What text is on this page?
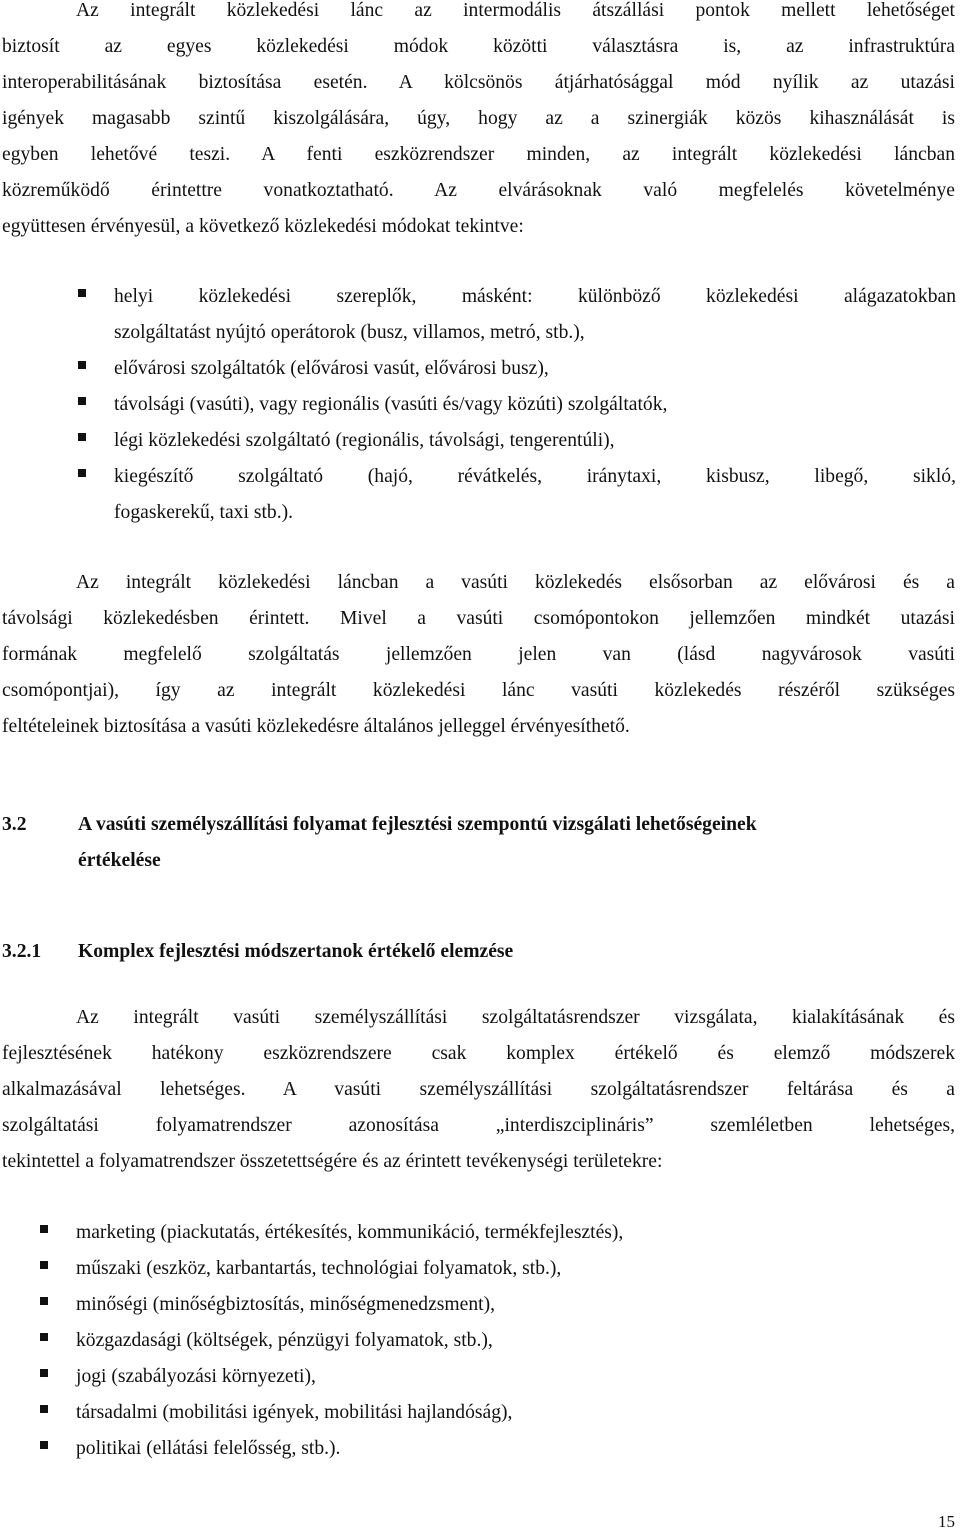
Az integrált közlekedési lánc az intermodális átszállási pontok mellett lehetőséget
biztosít az egyes közlekedési módok közötti választásra is, az infrastruktúra
interoperabilitásának biztosítása esetén. A kölcsönös átjárhatósággal mód nyílik az utazási
igények magasabb szintű kiszolgálására, úgy, hogy az a szinergiák közös kihasználását is
egyben lehetővé teszi. A fenti eszközrendszer minden, az integrált közlekedési láncban
közreműködő érintettre vonatkoztatható. Az elvárásoknak való megfelelés követelménye
együttesen érvényesül, a következő közlekedési módokat tekintve:
helyi közlekedési szereplők, másként: különböző közlekedési alágazatokban
szolgáltatást nyújtó operátorok (busz, villamos, metró, stb.),
elővárosi szolgáltatók (elővárosi vasút, elővárosi busz),
távolsági (vasúti), vagy regionális (vasúti és/vagy közúti) szolgáltatók,
légi közlekedési szolgáltató (regionális, távolsági, tengerentúli),
kiegészítő szolgáltató (hajó, révátkelés, iránytaxi, kisbusz, libegő, sikló,
fogaskerekű, taxi stb.).
Az integrált közlekedési láncban a vasúti közlekedés elsősorban az elővárosi és a
távolsági közlekedésben érintett. Mivel a vasúti csomópontokon jellemzően mindkét utazási
formának megfelelő szolgáltatás jellemzően jelen van (lásd nagyvárosok vasúti
csomópontjai), így az integrált közlekedési lánc vasúti közlekedés részéről szükséges
feltételeinek biztosítása a vasúti közlekedésre általános jelleggel érvényesíthető.
3.2	A vasúti személyszállítási folyamat fejlesztési szempontú vizsgálati lehetőségeinek
értékelése
3.2.1 Komplex fejlesztési módszertanok értékelő elemzése
Az integrált vasúti személyszállítási szolgáltatásrendszer vizsgálata, kialakításának és
fejlesztésének hatékony eszközrendszere csak komplex értékelő és elemző módszerek
alkalmazásával lehetséges. A vasúti személyszállítási szolgáltatásrendszer feltárása és a
szolgáltatási folyamatrendszer azonosítása „interdiszciplináris” szemléletben lehetséges,
tekintettel a folyamatrendszer összetettségére és az érintett tevékenységi területekre:
marketing (piackutatás, értékesítés, kommunikáció, termékfejlesztés),
műszaki (eszköz, karbantartás, technológiai folyamatok, stb.),
minőségi (minőségbiztosítás, minőségmenedzsment),
közgazdasági (költségek, pénzügyi folyamatok, stb.),
jogi (szabályozási környezeti),
társadalmi (mobilitási igények, mobilitási hajlandóság),
politikai (ellátási felelősség, stb.).
15
